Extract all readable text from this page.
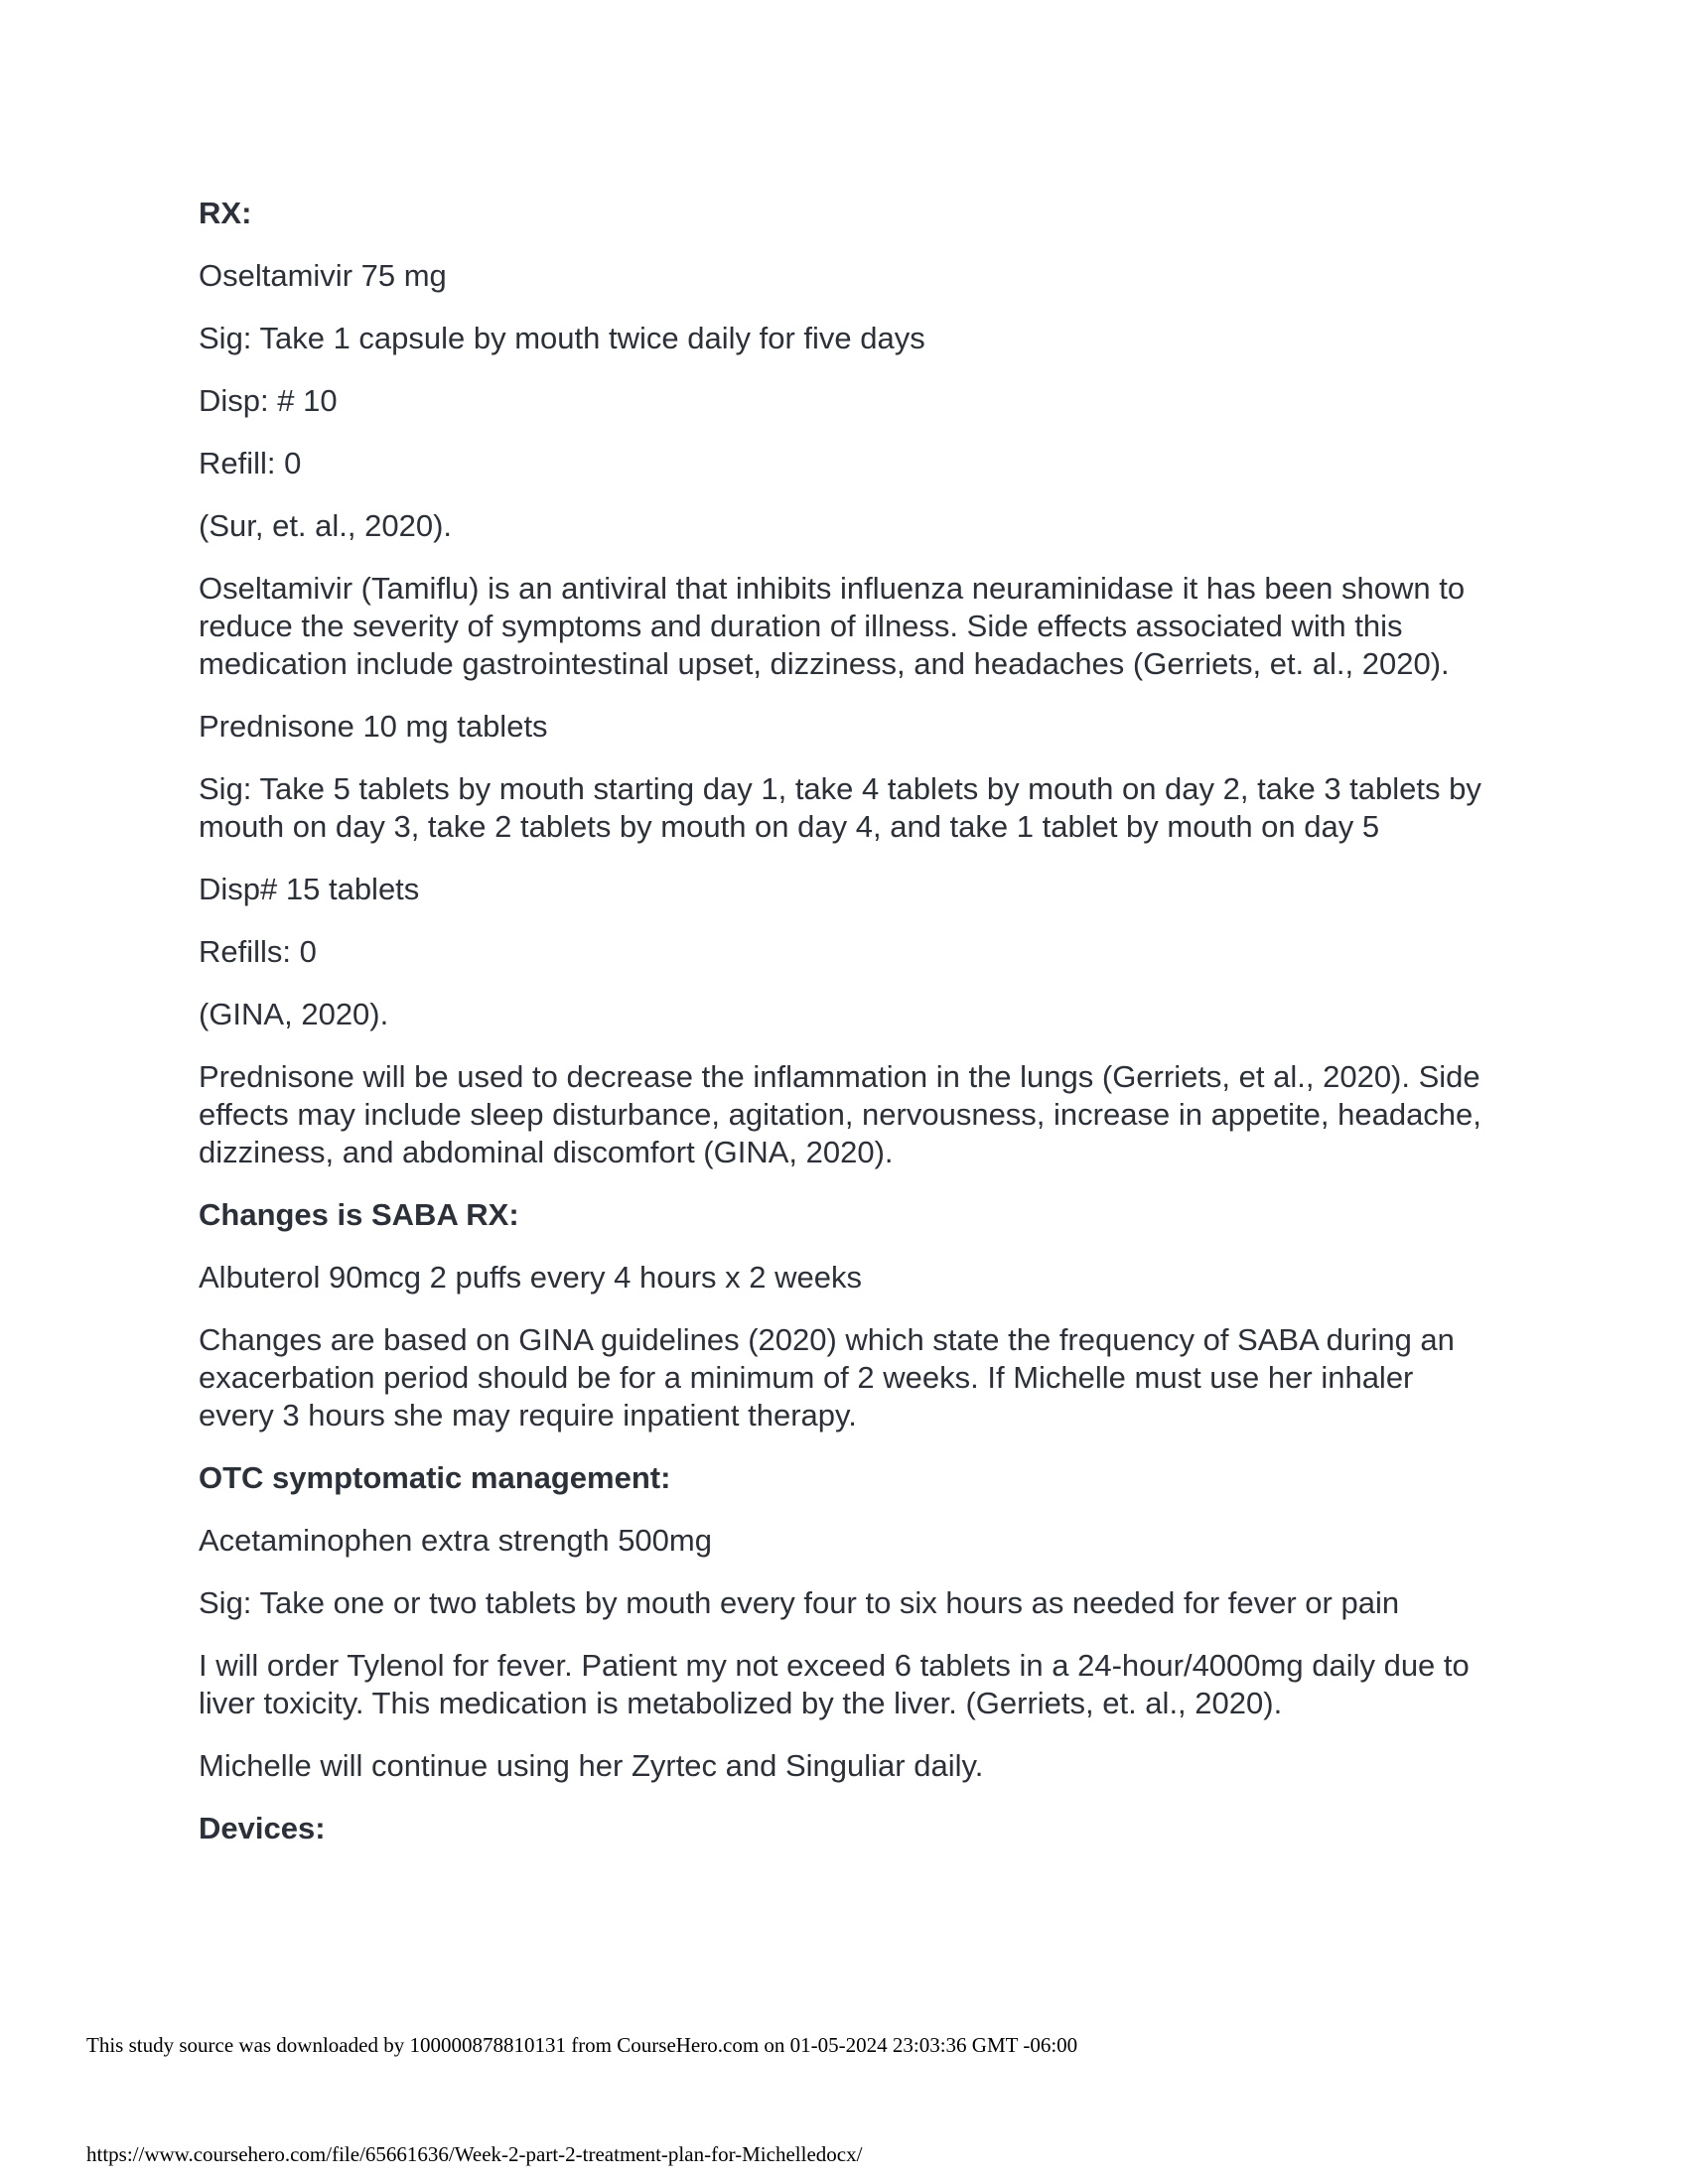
RX:

Oseltamivir 75 mg

Sig: Take 1 capsule by mouth twice daily for five days

Disp: # 10

Refill: 0

(Sur, et. al., 2020).

Oseltamivir (Tamiflu) is an antiviral that inhibits influenza neuraminidase it has been shown to reduce the severity of symptoms and duration of illness. Side effects associated with this medication include gastrointestinal upset, dizziness, and headaches (Gerriets, et. al., 2020).

Prednisone 10 mg tablets

Sig: Take 5 tablets by mouth starting day 1, take 4 tablets by mouth on day 2, take 3 tablets by mouth on day 3, take 2 tablets by mouth on day 4, and take 1 tablet by mouth on day 5

Disp# 15 tablets

Refills: 0

(GINA, 2020).

Prednisone will be used to decrease the inflammation in the lungs (Gerriets, et al., 2020). Side effects may include sleep disturbance, agitation, nervousness, increase in appetite, headache, dizziness, and abdominal discomfort (GINA, 2020).

Changes is SABA RX:

Albuterol 90mcg 2 puffs every 4 hours x 2 weeks

Changes are based on GINA guidelines (2020) which state the frequency of SABA during an exacerbation period should be for a minimum of 2 weeks. If Michelle must use her inhaler every 3 hours she may require inpatient therapy.

OTC symptomatic management:

Acetaminophen extra strength 500mg

Sig: Take one or two tablets by mouth every four to six hours as needed for fever or pain

I will order Tylenol for fever. Patient my not exceed 6 tablets in a 24-hour/4000mg daily due to liver toxicity. This medication is metabolized by the liver. (Gerriets, et. al., 2020).

Michelle will continue using her Zyrtec and Singuliar daily.

Devices:

This study source was downloaded by 100000878810131 from CourseHero.com on 01-05-2024 23:03:36 GMT -06:00
https://www.coursehero.com/file/65661636/Week-2-part-2-treatment-plan-for-Michelledocx/
